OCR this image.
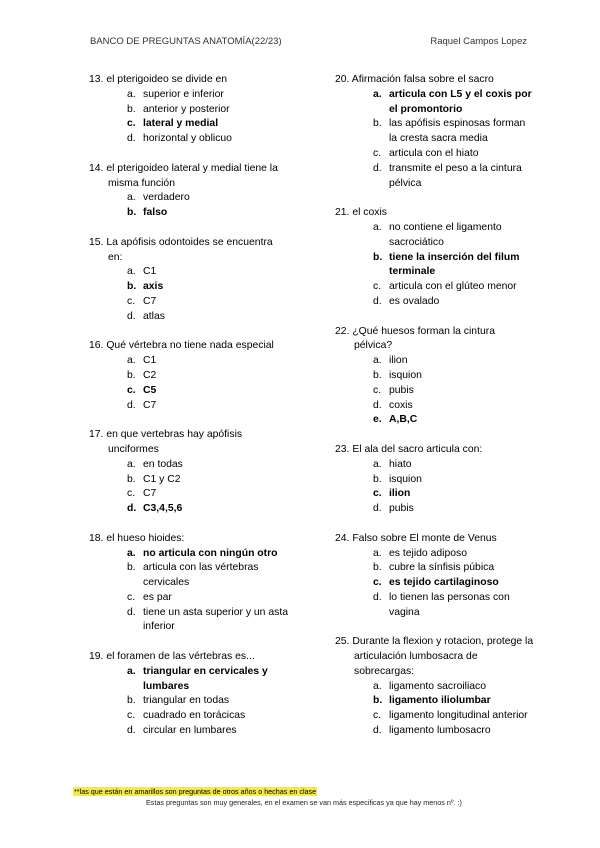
BANCO DE PREGUNTAS ANATOMÍA(22/23)	Raquel Campos Lopez
13. el pterigoideo se divide en
a. superior e inferior
b. anterior y posterior
c. lateral y medial
d. horizontal y oblicuo
14. el pterigoideo lateral y medial tiene la misma función
a. verdadero
b. falso
15. La apófisis odontoides se encuentra en:
a. C1
b. axis
c. C7
d. atlas
16. Qué vértebra no tiene nada especial
a. C1
b. C2
c. C5
d. C7
17. en que vertebras hay apófisis unciformes
a. en todas
b. C1 y C2
c. C7
d. C3,4,5,6
18. el hueso hioides:
a. no articula con ningún otro
b. articula con las vértebras cervicales
c. es par
d. tiene un asta superior y un asta inferior
19. el foramen de las vértebras es...
a. triangular en cervicales y lumbares
b. triangular en todas
c. cuadrado en torácicas
d. circular en lumbares
20. Afirmación falsa sobre el sacro
a. articula con L5 y el coxis por el promontorio
b. las apófisis espinosas forman la cresta sacra media
c. articula con el hiato
d. transmite el peso a la cintura pélvica
21. el coxis
a. no contiene el ligamento sacrociático
b. tiene la inserción del filum terminale
c. articula con el glúteo menor
d. es ovalado
22. ¿Qué huesos forman la cintura pélvica?
a. ilion
b. isquion
c. pubis
d. coxis
e. A,B,C
23. El ala del sacro articula con:
a. hiato
b. isquion
c. ilion
d. pubis
24. Falso sobre El monte de Venus
a. es tejido adiposo
b. cubre la sínfisis púbica
c. es tejido cartilaginoso
d. lo tienen las personas con vagina
25. Durante la flexion y rotacion, protege la articulación lumbosacra de sobrecargas:
a. ligamento sacroiliaco
b. ligamento iliolumbar
c. ligamento longitudinal anterior
d. ligamento lumbosacro
**las que están en amarillos son preguntas de otros años o hechas en clase
Estas preguntas son muy generales, en el examen se van más especificas ya que hay menos nº. :)
